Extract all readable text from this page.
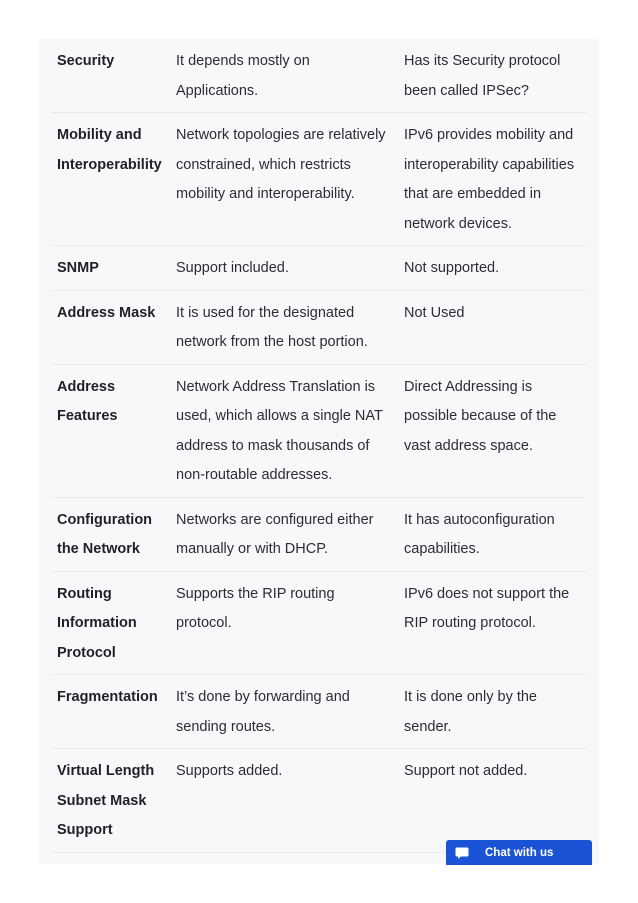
Security	It depends mostly on Applications.	Has its Security protocol been called IPSec?
Mobility and Interoperability	Network topologies are relatively constrained, which restricts mobility and interoperability.	IPv6 provides mobility and interoperability capabilities that are embedded in network devices.
SNMP	Support included.	Not supported.
Address Mask	It is used for the designated network from the host portion.	Not Used
Address Features	Network Address Translation is used, which allows a single NAT address to mask thousands of non-routable addresses.	Direct Addressing is possible because of the vast address space.
Configuration the Network	Networks are configured either manually or with DHCP.	It has autoconfiguration capabilities.
Routing Information Protocol	Supports the RIP routing protocol.	IPv6 does not support the RIP routing protocol.
Fragmentation	It’s done by forwarding and sending routes.	It is done only by the sender.
Virtual Length Subnet Mask Support	Supports added.	Support not added.
Chat with us
